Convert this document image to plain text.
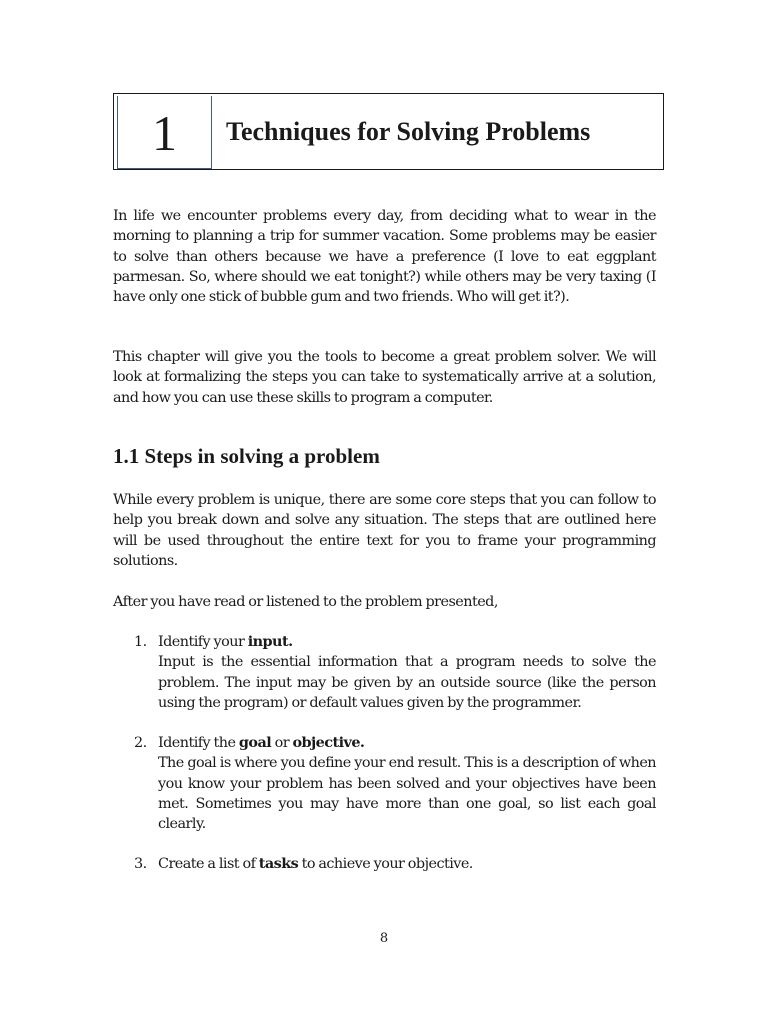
1 Techniques for Solving Problems

In life we encounter problems every day, from deciding what to wear in the morning to planning a trip for summer vacation. Some problems may be easier to solve than others because we have a preference (I love to eat eggplant parmesan. So, where should we eat tonight?) while others may be very taxing (I have only one stick of bubble gum and two friends. Who will get it?).

This chapter will give you the tools to become a great problem solver. We will look at formalizing the steps you can take to systematically arrive at a solution, and how you can use these skills to program a computer.

1.1 Steps in solving a problem

While every problem is unique, there are some core steps that you can follow to help you break down and solve any situation. The steps that are outlined here will be used throughout the entire text for you to frame your programming solutions.

After you have read or listened to the problem presented,

1. Identify your input.
Input is the essential information that a program needs to solve the problem. The input may be given by an outside source (like the person using the program) or default values given by the programmer.
2. Identify the goal or objective.
The goal is where you define your end result. This is a description of when you know your problem has been solved and your objectives have been met. Sometimes you may have more than one goal, so list each goal clearly.
3. Create a list of tasks to achieve your objective.
8
